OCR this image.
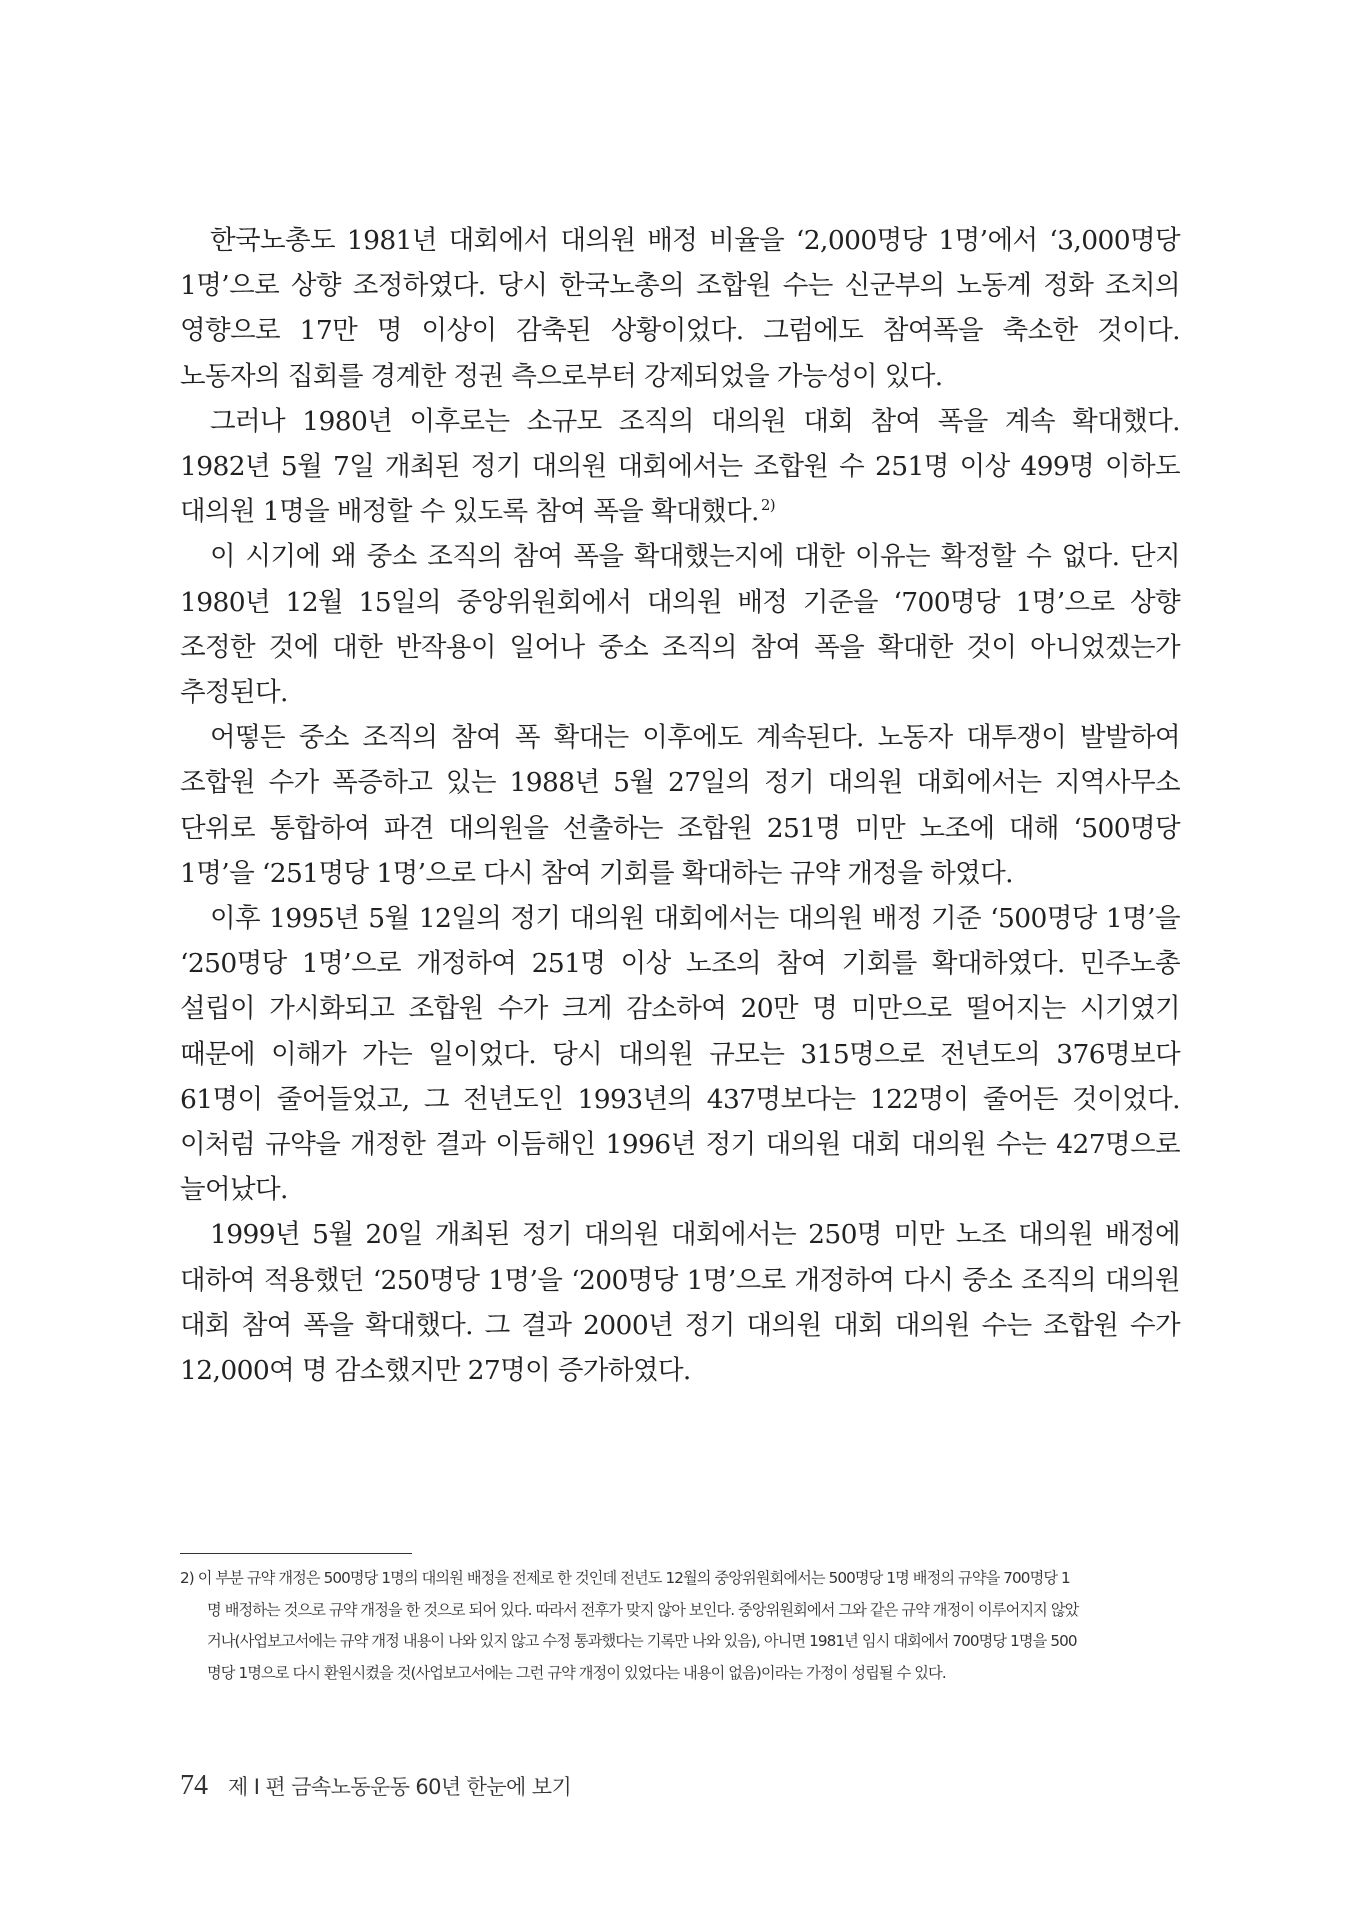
한국노총도 1981년 대회에서 대의원 배정 비율을 ‘2,000명당 1명’에서 ‘3,000명당 1명’으로 상향 조정하였다. 당시 한국노총의 조합원 수는 신군부의 노동계 정화 조치의 영향으로 17만 명 이상이 감축된 상황이었다. 그럼에도 참여폭을 축소한 것이다. 노동자의 집회를 경계한 정권 측으로부터 강제되었을 가능성이 있다.

그러나 1980년 이후로는 소규모 조직의 대의원 대회 참여 폭을 계속 확대했다. 1982년 5월 7일 개최된 정기 대의원 대회에서는 조합원 수 251명 이상 499명 이하도 대의원 1명을 배정할 수 있도록 참여 폭을 확대했다. $^{2)}$

이 시기에 왜 중소 조직의 참여 폭을 확대했는지에 대한 이유는 확정할 수 없다. 단지 1980년 12월 15일의 중앙위원회에서 대의원 배정 기준을 ‘700명당 1명’으로 상향 조정한 것에 대한 반작용이 일어나 중소 조직의 참여 폭을 확대한 것이 아니었겠는가 추정된다.

어떻든 중소 조직의 참여 폭 확대는 이후에도 계속된다. 노동자 대투쟁이 발발하여 조합원 수가 폭증하고 있는 1988년 5월 27일의 정기 대의원 대회에서는 지역사무소 단위로 통합하여 파견 대의원을 선출하는 조합원 251명 미만 노조에 대해 ‘500명당 1명’을 ‘251명당 1명’으로 다시 참여 기회를 확대하는 규약 개정을 하였다.

이후 1995년 5월 12일의 정기 대의원 대회에서는 대의원 배정 기준 ‘500명당 1명’을 ‘250명당 1명’으로 개정하여 251명 이상 노조의 참여 기회를 확대하였다. 민주노총 설립이 가시화되고 조합원 수가 크게 감소하여 20만 명 미만으로 떨어지는 시기였기 때문에 이해가 가는 일이었다. 당시 대의원 규모는 315명으로 전년도의 376명보다 61명이 줄어들었고, 그 전년도인 1993년의 437명보다는 122명이 줄어든 것이었다. 이처럼 규약을 개정한 결과 이듬해인 1996년 정기 대의원 대회 대의원 수는 427명으로 늘어났다.

1999년 5월 20일 개최된 정기 대의원 대회에서는 250명 미만 노조 대의원 배정에 대하여 적용했던 ‘250명당 1명’을 ‘200명당 1명’으로 개정하여 다시 중소 조직의 대의원 대회 참여 폭을 확대했다. 그 결과 2000년 정기 대의원 대회 대의원 수는 조합원 수가 12,000여 명 감소했지만 27명이 증가하였다.

2) 이 부분 규약 개정은 500명당 1명의 대의원 배정을 전제로 한 것인데 전년도 12월의 중앙위원회에서는 500명당 1명 배정의 규약을 700명당 1
명 배정하는 것으로 규약 개정을 한 것으로 되어 있다. 따라서 전후가 맞지 않아 보인다. 중앙위원회에서 그와 같은 규약 개정이 이루어지지 않았
거나(사업보고서에는 규약 개정 내용이 나와 있지 않고 수정 통과했다는 기록만 나와 있음), 아니면 1981년 임시 대회에서 700명당 1명을 500
명당 1명으로 다시 환원시켰을 것(사업보고서에는 그런 규약 개정이 있었다는 내용이 없음)이라는 가정이 성립될 수 있다.
74 제 I 편 금속노동운동 60년 한눈에 보기
